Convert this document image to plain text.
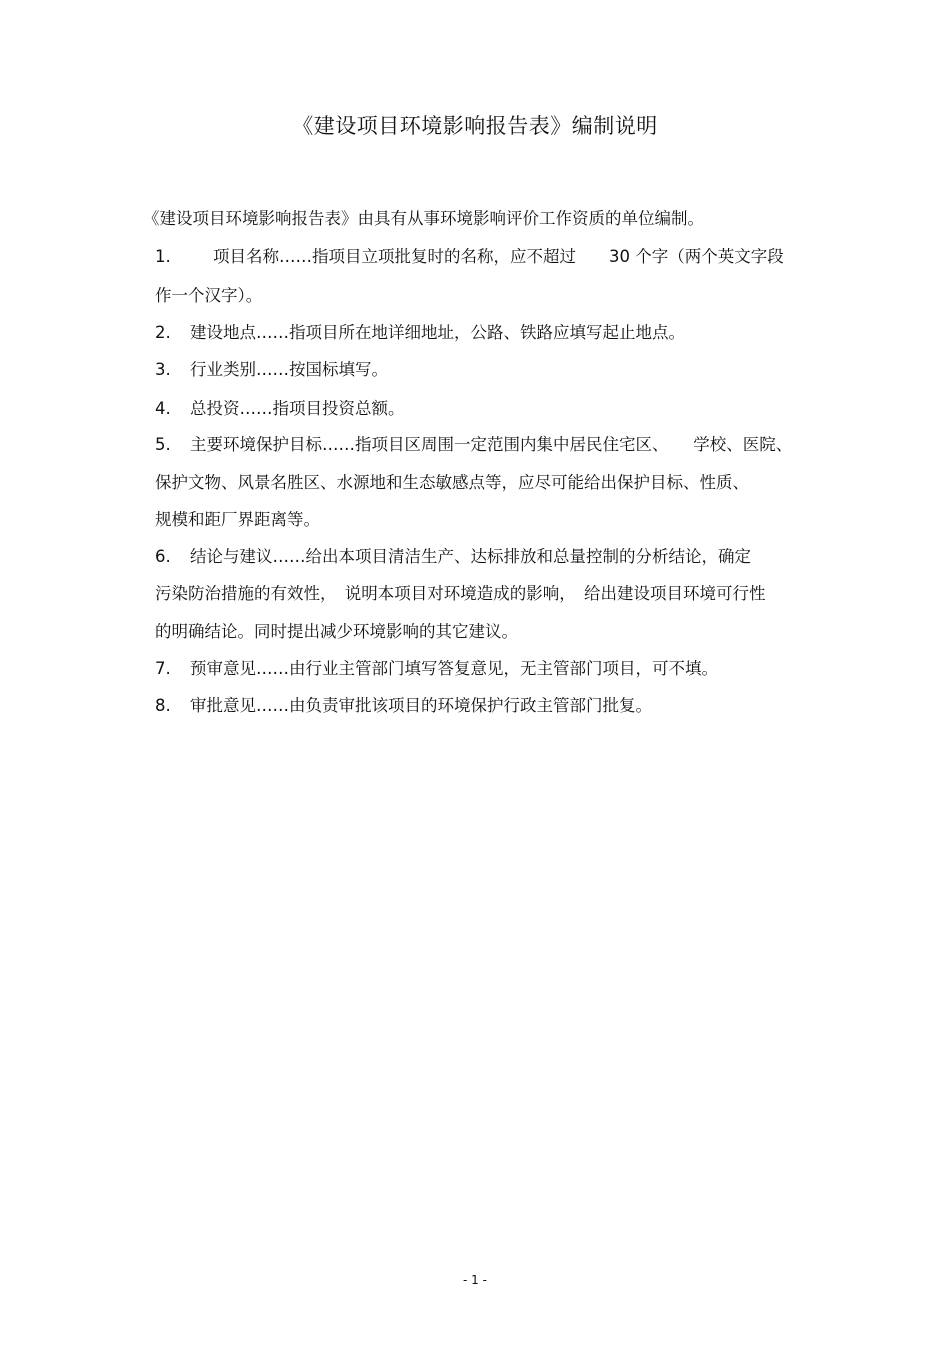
《建设项目环境影响报告表》编制说明
《建设项目环境影响报告表》由具有从事环境影响评价工作资质的单位编制。
1.	项目名称……指项目立项批复时的名称，应不超过　　30 个字（两个英文字段
作一个汉字）。
2. 建设地点……指项目所在地详细地址，公路、铁路应填写起止地点。
3. 行业类别……按国标填写。
4. 总投资……指项目投资总额。
5. 主要环境保护目标……指项目区周围一定范围内集中居民住宅区、　　学校、医院、
保护文物、风景名胜区、水源地和生态敏感点等，应尽可能给出保护目标、性质、
规模和距厂界距离等。
6. 结论与建议……给出本项目清洁生产、达标排放和总量控制的分析结论，确定
污染防治措施的有效性，　说明本项目对环境造成的影响，　给出建设项目环境可行性
的明确结论。同时提出减少环境影响的其它建议。
7. 预审意见……由行业主管部门填写答复意见，无主管部门项目，可不填。
8. 审批意见……由负责审批该项目的环境保护行政主管部门批复。
- 1 -
